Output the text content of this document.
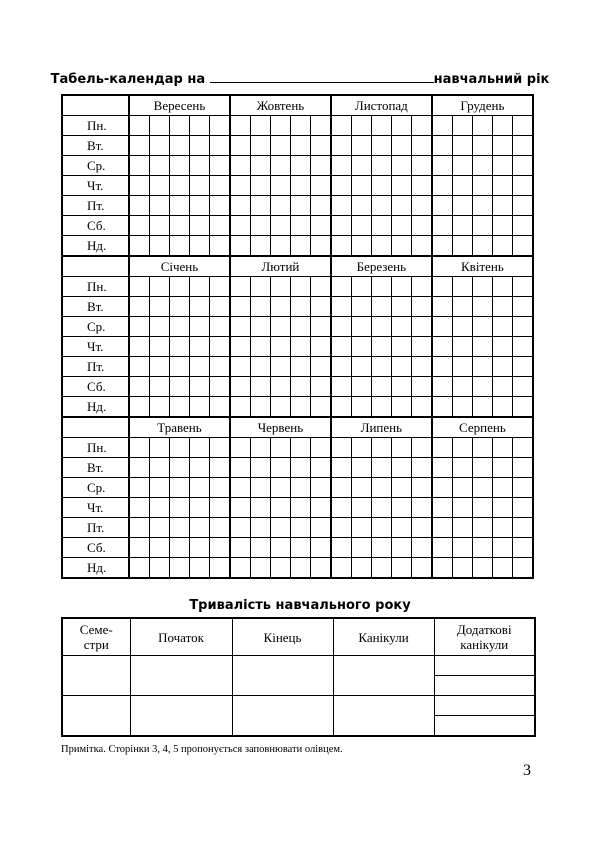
Табель-календар на	навчальний рік
	Вересень					Жовтень					Листопад					Грудень				
Пн.																				
Вт.																				
Ср.																				
Чт.																				
Пт.																				
Сб.																				
Нд.																				
	Січень					Лютий					Березень					Квітень				
Пн.																				
Вт.																				
Ср.																				
Чт.																				
Пт.																				
Сб.																				
Нд.																				
	Травень					Червень					Липень					Серпень				
Пн.																				
Вт.																				
Ср.																				
Чт.																				
Пт.																				
Сб.																				
Нд.																				
Тривалість навчального року
Семе-
стри	Початок	Кінець	Канікули	Додаткові
канікули

Примітка. Сторінки 3, 4, 5 пропонується заповнювати олівцем.
3
